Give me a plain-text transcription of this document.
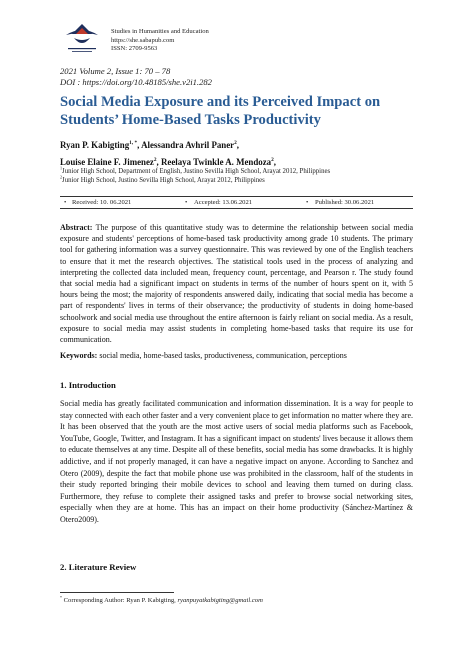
Studies in Humanities and Education
https://she.sabapub.com
ISSN: 2709-9563
2021 Volume 2, Issue 1: 70 – 78
DOI : https://doi.org/10.48185/she.v2i1.282
Social Media Exposure and its Perceived Impact on Students’ Home-Based Tasks Productivity
Ryan P. Kabigting$^{1, *}$, Alessandra Avhril Paner$^2$,
Louise Elaine F. Jimenez$^2$, Reelaya Twinkle A. Mendoza$^2$,
$^1$Junior High School, Department of English, Justino Sevilla High School, Arayat 2012, Philippines
$^2$Junior High School, Justino Sevilla High School, Arayat 2012, Philippines
• Received: 10. 06.2021	• Accepted: 13.06.2021	• Published: 30.06.2021

Abstract: The purpose of this quantitative study was to determine the relationship between social media exposure and students' perceptions of home-based task productivity among grade 10 students. The primary tool for gathering information was a survey questionnaire. This was reviewed by one of the English teachers to ensure that it met the research objectives. The statistical tools used in the process of analyzing and interpreting the collected data included mean, frequency count, percentage, and Pearson r. The study found that social media had a significant impact on students in terms of the number of hours spent on it, with 5 hours being the most; the majority of respondents answered daily, indicating that social media has become a part of respondents' lives in terms of their observance; the productivity of students in doing home-based schoolwork and social media use throughout the entire afternoon is fairly reliant on social media. As a result, exposure to social media may assist students in completing home-based tasks that require its use for communication.

Keywords: social media, home-based tasks, productiveness, communication, perceptions
1. Introduction

Social media has greatly facilitated communication and information dissemination. It is a way for people to stay connected with each other faster and a very convenient place to get information no matter where they are. It has been observed that the youth are the most active users of social media platforms such as Facebook, YouTube, Google, Twitter, and Instagram. It has a significant impact on students' lives because it allows them to educate themselves at any time. Despite all of these benefits, social media has some drawbacks. It is highly addictive, and if not properly managed, it can have a negative impact on anyone. According to Sanchez and Otero (2009), despite the fact that mobile phone use was prohibited in the classroom, half of the students in their study reported bringing their mobile devices to school and leaving them turned on during class. Furthermore, they refuse to complete their assigned tasks and prefer to browse social networking sites, especially when they are at home. This has an impact on their home productivity (Sánchez-Martínez & Otero2009).

2. Literature Review
* Corresponding Author: Ryan P. Kabigting, ryanpuyatkabigting@gmail.com
